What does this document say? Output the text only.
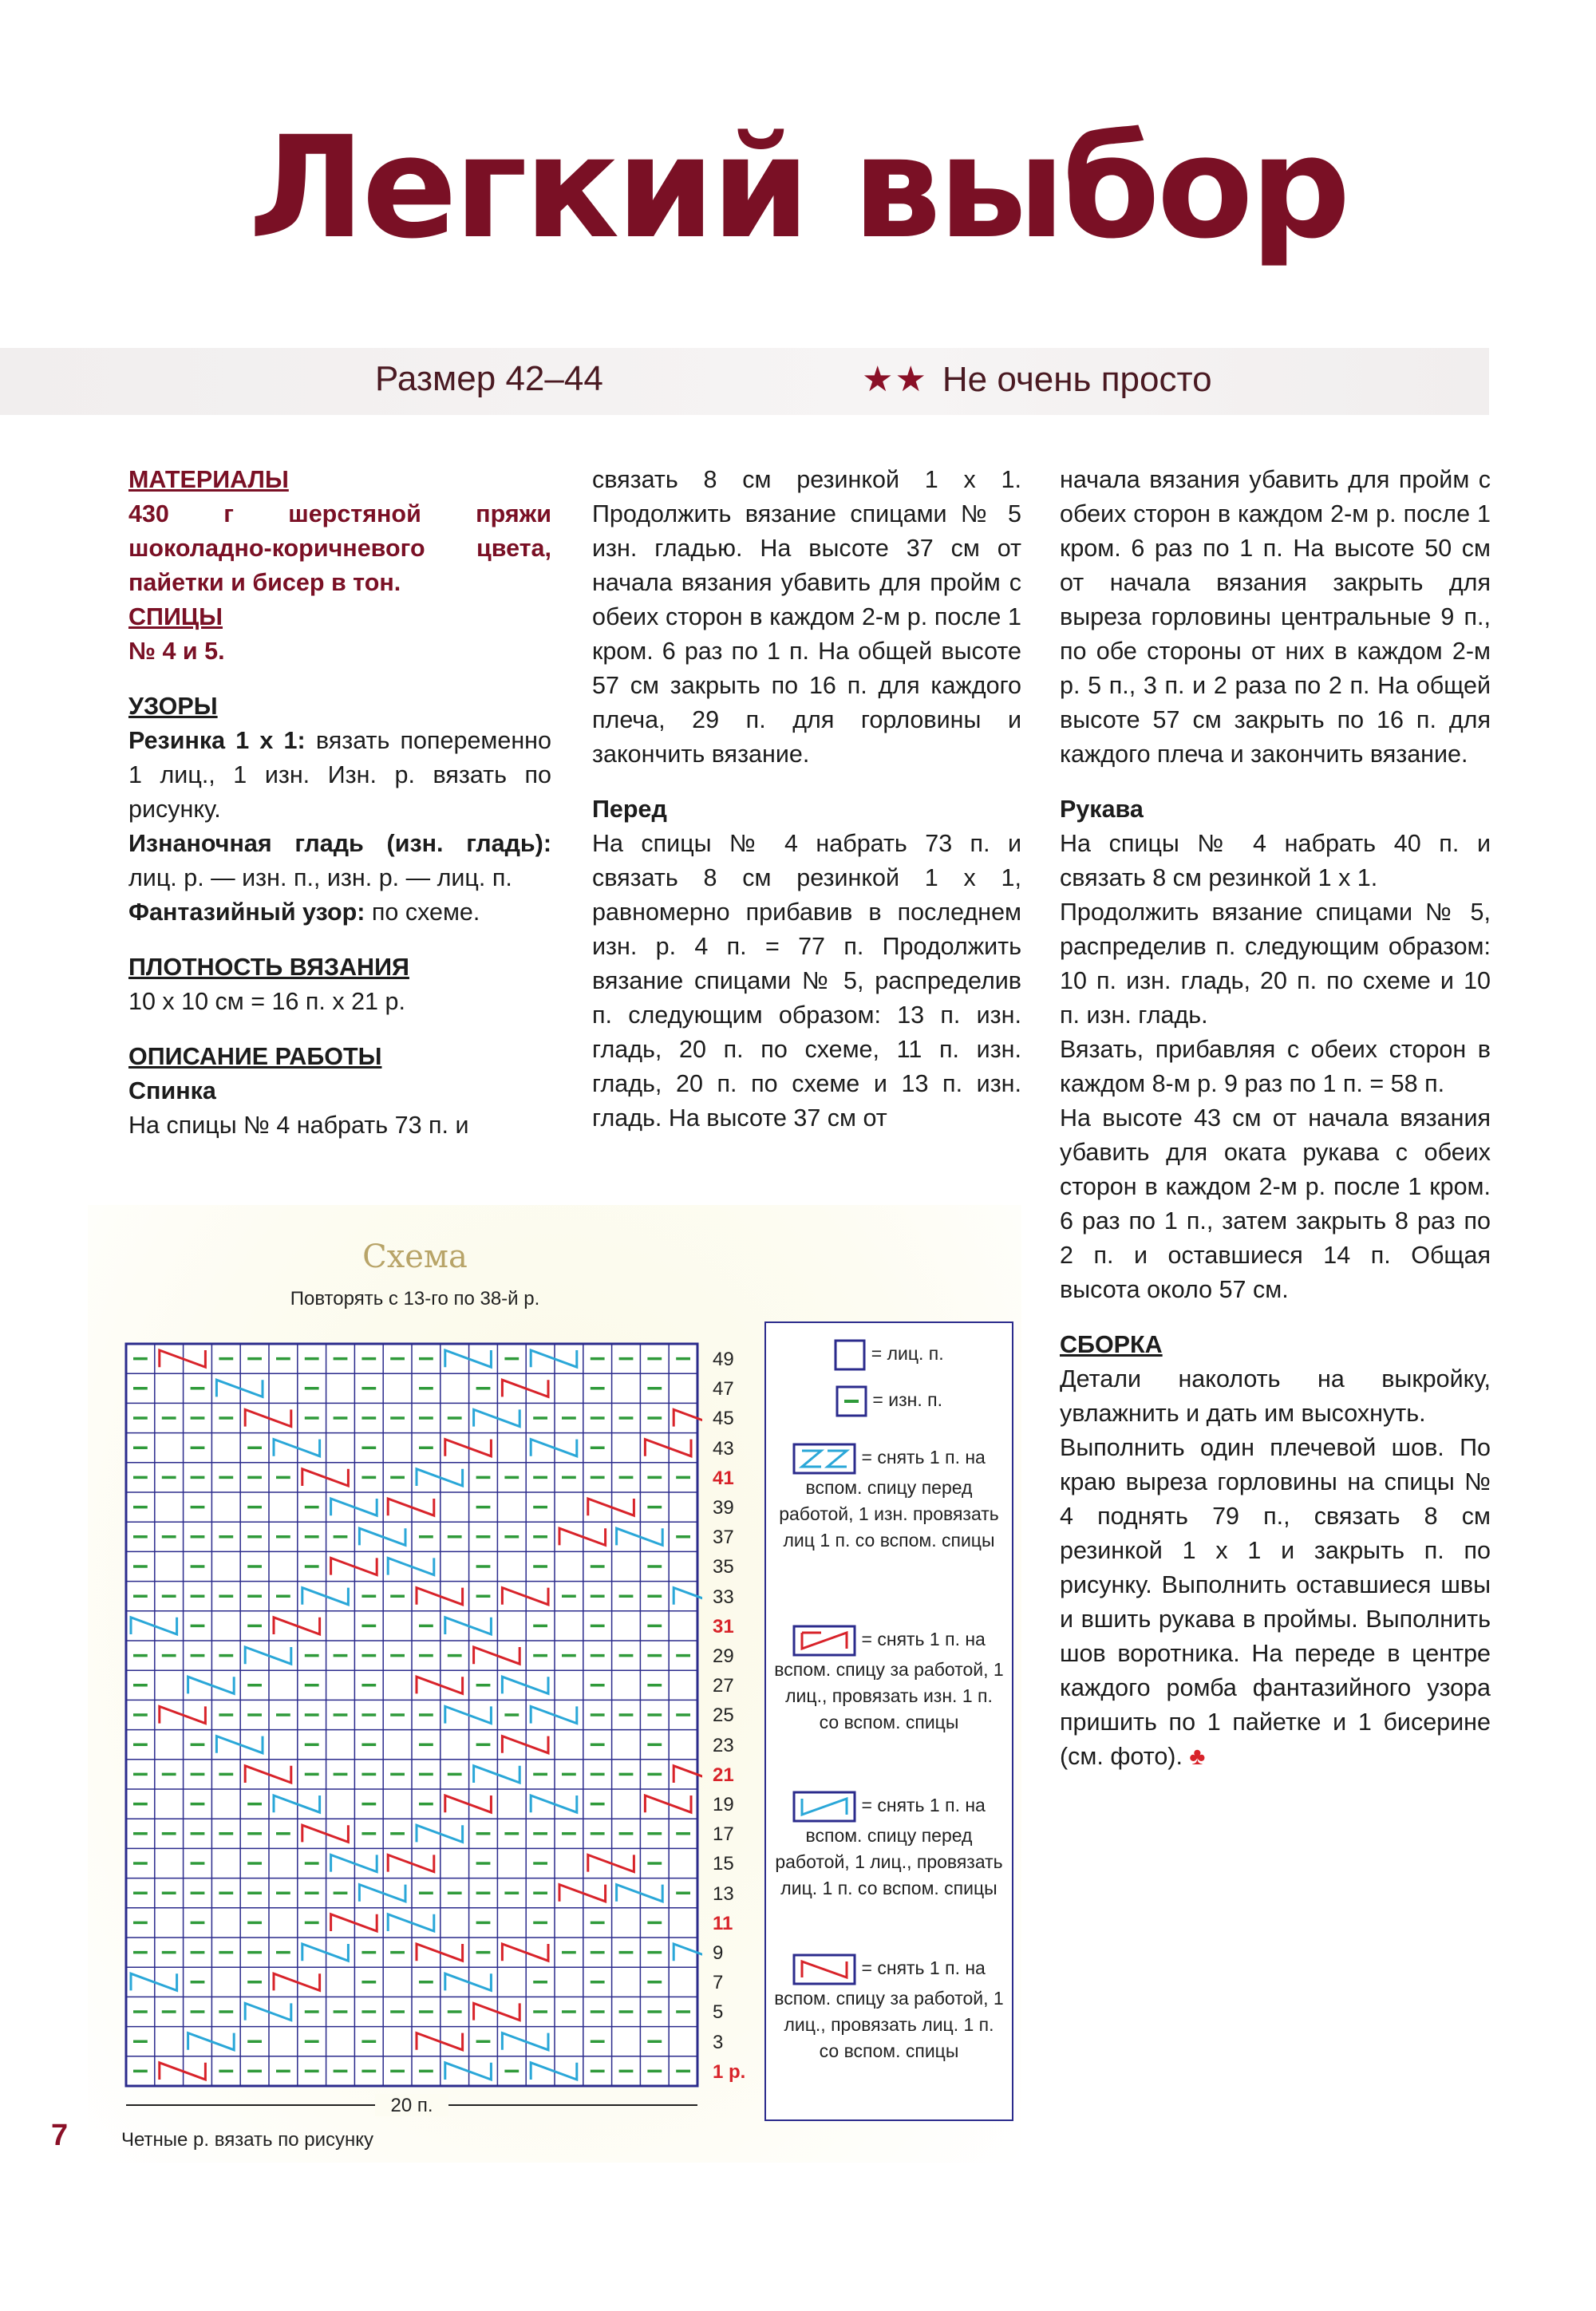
Легкий выбор
Размер 42–44	★★ Не очень просто

МАТЕРИАЛЫ

430 г шерстяной пряжи шоколадно-коричневого цвета, пайетки и бисер в тон.

СПИЦЫ

№ 4 и 5.

УЗОРЫ

Резинка 1 х 1: вязать попеременно 1 лиц., 1 изн. Изн. р. вязать по рисунку.

Изнаночная гладь (изн. гладь): лиц. р. — изн. п., изн. р. — лиц. п.

Фантазийный узор: по схеме.

ПЛОТНОСТЬ ВЯЗАНИЯ

10 х 10 см = 16 п. х 21 р.

ОПИСАНИЕ РАБОТЫ

Спинка

На спицы № 4 набрать 73 п. и

связать 8 см резинкой 1 х 1. Продолжить вязание спицами № 5 изн. гладью. На высоте 37 см от начала вязания убавить для пройм с обеих сторон в каждом 2-м р. после 1 кром. 6 раз по 1 п. На общей высоте 57 см закрыть по 16 п. для каждого плеча, 29 п. для горловины и закончить вязание.

Перед

На спицы № 4 набрать 73 п. и связать 8 см резинкой 1 х 1, равномерно прибавив в последнем изн. р. 4 п. = 77 п. Продолжить вязание спицами № 5, распределив п. следующим образом: 13 п. изн. гладь, 20 п. по схеме, 11 п. изн. гладь, 20 п. по схеме и 13 п. изн. гладь. На высоте 37 см от

начала вязания убавить для пройм с обеих сторон в каждом 2-м р. после 1 кром. 6 раз по 1 п. На высоте 50 см от начала вязания закрыть для выреза горловины центральные 9 п., по обе стороны от них в каждом 2-м р. 5 п., 3 п. и 2 раза по 2 п. На общей высоте 57 см закрыть по 16 п. для каждого плеча и закончить вязание.

Рукава

На спицы № 4 набрать 40 п. и связать 8 см резинкой 1 х 1.

Продолжить вязание спицами № 5, распределив п. следующим образом: 10 п. изн. гладь, 20 п. по схеме и 10 п. изн. гладь.

Вязать, прибавляя с обеих сторон в каждом 8-м р. 9 раз по 1 п. = 58 п.

На высоте 43 см от начала вязания убавить для оката рукава с обеих сторон в каждом 2-м р. после 1 кром. 6 раз по 1 п., затем закрыть 8 раз по 2 п. и оставшиеся 14 п. Общая высота около 57 см.

СБОРКА

Детали наколоть на выкройку, увлажнить и дать им высохнуть.

Выполнить один плечевой шов. По краю выреза горловины на спицы № 4 поднять 79 п., связать 8 см резинкой 1 х 1 и закрыть п. по рисунку. Выполнить оставшиеся швы и вшить рукава в проймы. Выполнить шов воротника. На переде в центре каждого ромба фантазийного узора пришить по 1 пайетке и 1 бисерине (см. фото). ♣

Схема
Повторять с 13-го по 38-й р.
20 п.
49
47
45
43
41
39
37
35
33
31
29
27
25
23
21
19
17
15
13
11
9
7
5
3
1 р.
Четные р. вязать по рисунку
7
= лиц. п.
= изн. п.
= снять 1 п. на вспом. спицу перед работой, 1 изн. провязать лиц 1 п. со вспом. спицы
= снять 1 п. на вспом. спицу за работой, 1 лиц., провязать изн. 1 п. со вспом. спицы
= снять 1 п. на вспом. спицу перед работой, 1 лиц., провязать лиц. 1 п. со вспом. спицы
= снять 1 п. на вспом. спицу за работой, 1 лиц., провязать лиц. 1 п. со вспом. спицы
